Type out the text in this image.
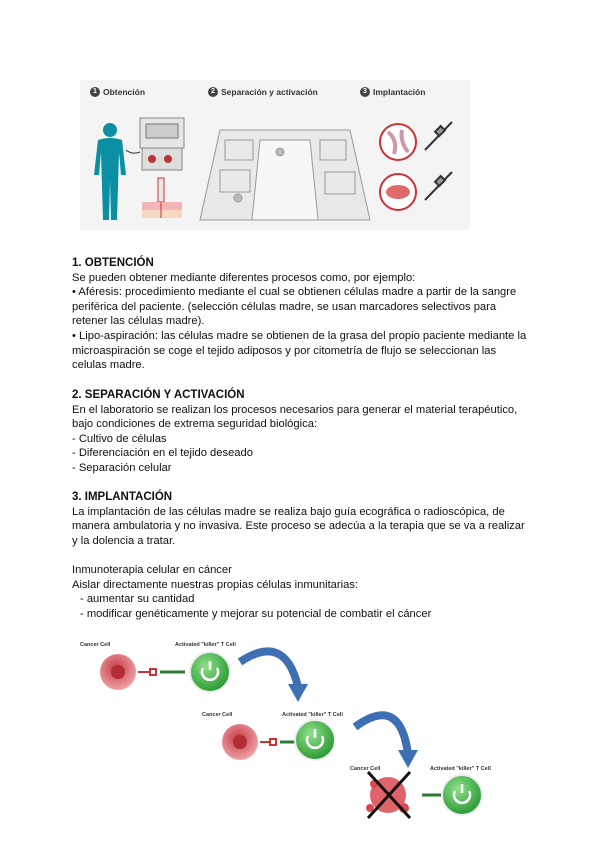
1 Obtención	2 Separación y activación	3 Implantación

1. OBTENCIÓN

Se pueden obtener mediante diferentes procesos como, por ejemplo:

• Aféresis: procedimiento mediante el cual se obtienen células madre a partir de la sangre

periférica del paciente. (selección células madre, se usan marcadores selectivos para

retener las células madre).

• Lipo-aspiración: las células madre se obtienen de la grasa del propio paciente mediante la

microaspiración se coge el tejido adiposos y por citometría de flujo se seleccionan las

celulas madre.

2. SEPARACIÓN Y ACTIVACIÓN

En el laboratorio se realizan los procesos necesarios para generar el material terapéutico,

bajo condiciones de extrema seguridad biológica:

- Cultivo de células

- Diferenciación en el tejido deseado

- Separación celular

3. IMPLANTACIÓN

La implantación de las células madre se realiza bajo guía ecográfica o radioscópica, de

manera ambulatoria y no invasiva. Este proceso se adecúa a la terapia que se va a realizar

y la dolencia a tratar.

Inmunoterapia celular en cáncer

Aislar directamente nuestras propias células inmunitarias:

- aumentar su cantidad

- modificar genéticamente y mejorar su potencial de combatir el cáncer

Cancer Cell	Activated "killer" T Cell
Cancer Cell	Activated "killer" T Cell
Cancer Cell	Activated "killer" T Cell
